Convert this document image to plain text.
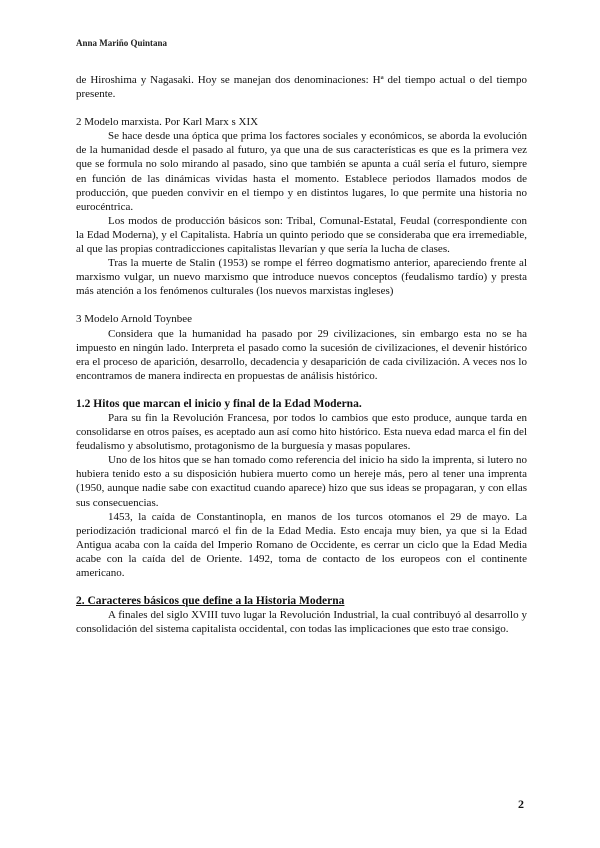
Anna Mariño Quintana

de Hiroshima y Nagasaki. Hoy se manejan dos denominaciones: Hª del tiempo actual o del tiempo presente.

2 Modelo marxista. Por Karl Marx s XIX

Se hace desde una óptica que prima los factores sociales y económicos, se aborda la evolución de la humanidad desde el pasado al futuro, ya que una de sus características es que es la primera vez que se formula no solo mirando al pasado, sino que también se apunta a cuál sería el futuro, siempre en función de las dinámicas vividas hasta el momento. Establece periodos llamados modos de producción, que pueden convivir en el tiempo y en distintos lugares, lo que permite una historia no eurocéntrica.

Los modos de producción básicos son: Tribal, Comunal-Estatal, Feudal (correspondiente con la Edad Moderna), y el Capitalista. Habría un quinto periodo que se consideraba que era irremediable, al que las propias contradicciones capitalistas llevarían y que sería la lucha de clases.

Tras la muerte de Stalin (1953) se rompe el férreo dogmatismo anterior, apareciendo frente al marxismo vulgar, un nuevo marxismo que introduce nuevos conceptos (feudalismo tardío) y presta más atención a los fenómenos culturales (los nuevos marxistas ingleses)

3 Modelo Arnold Toynbee

Considera que la humanidad ha pasado por 29 civilizaciones, sin embargo esta no se ha impuesto en ningún lado. Interpreta el pasado como la sucesión de civilizaciones, el devenir histórico era el proceso de aparición, desarrollo, decadencia y desaparición de cada civilización. A veces nos lo encontramos de manera indirecta en propuestas de análisis histórico.

1.2 Hitos que marcan el inicio y final de la Edad Moderna.

Para su fin la Revolución Francesa, por todos lo cambios que esto produce, aunque tarda en consolidarse en otros países, es aceptado aun así como hito histórico. Esta nueva edad marca el fin del feudalismo y absolutismo, protagonismo de la burguesía y masas populares.

Uno de los hitos que se han tomado como referencia del inicio ha sido la imprenta, si lutero no hubiera tenido esto a su disposición hubiera muerto como un hereje más, pero al tener una imprenta (1950, aunque nadie sabe con exactitud cuando aparece) hizo que sus ideas se propagaran, y con ellas sus consecuencias.

1453, la caída de Constantinopla, en manos de los turcos otomanos el 29 de mayo. La periodización tradicional marcó el fin de la Edad Media. Esto encaja muy bien, ya que si la Edad Antigua acaba con la caída del Imperio Romano de Occidente, es cerrar un ciclo que la Edad Media acabe con la caída del de Oriente. 1492, toma de contacto de los europeos con el continente americano.

2. Caracteres básicos que define a la Historia Moderna

A finales del siglo XVIII tuvo lugar la Revolución Industrial, la cual contribuyó al desarrollo y consolidación del sistema capitalista occidental, con todas las implicaciones que esto trae consigo.

2
